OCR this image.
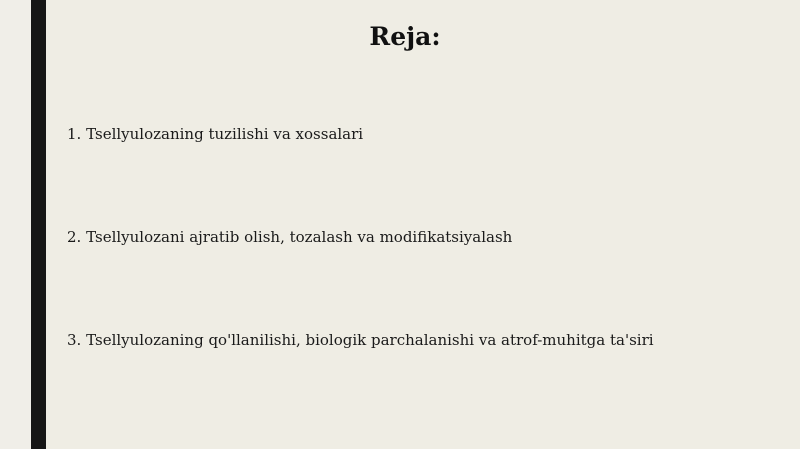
Reja:
1. Tsellyulozaning tuzilishi va xossalari
2. Tsellyulozani ajratib olish, tozalash va modifikatsiyalash
3. Tsellyulozaning qo'llanilishi, biologik parchalanishi va atrof-muhitga ta'siri
